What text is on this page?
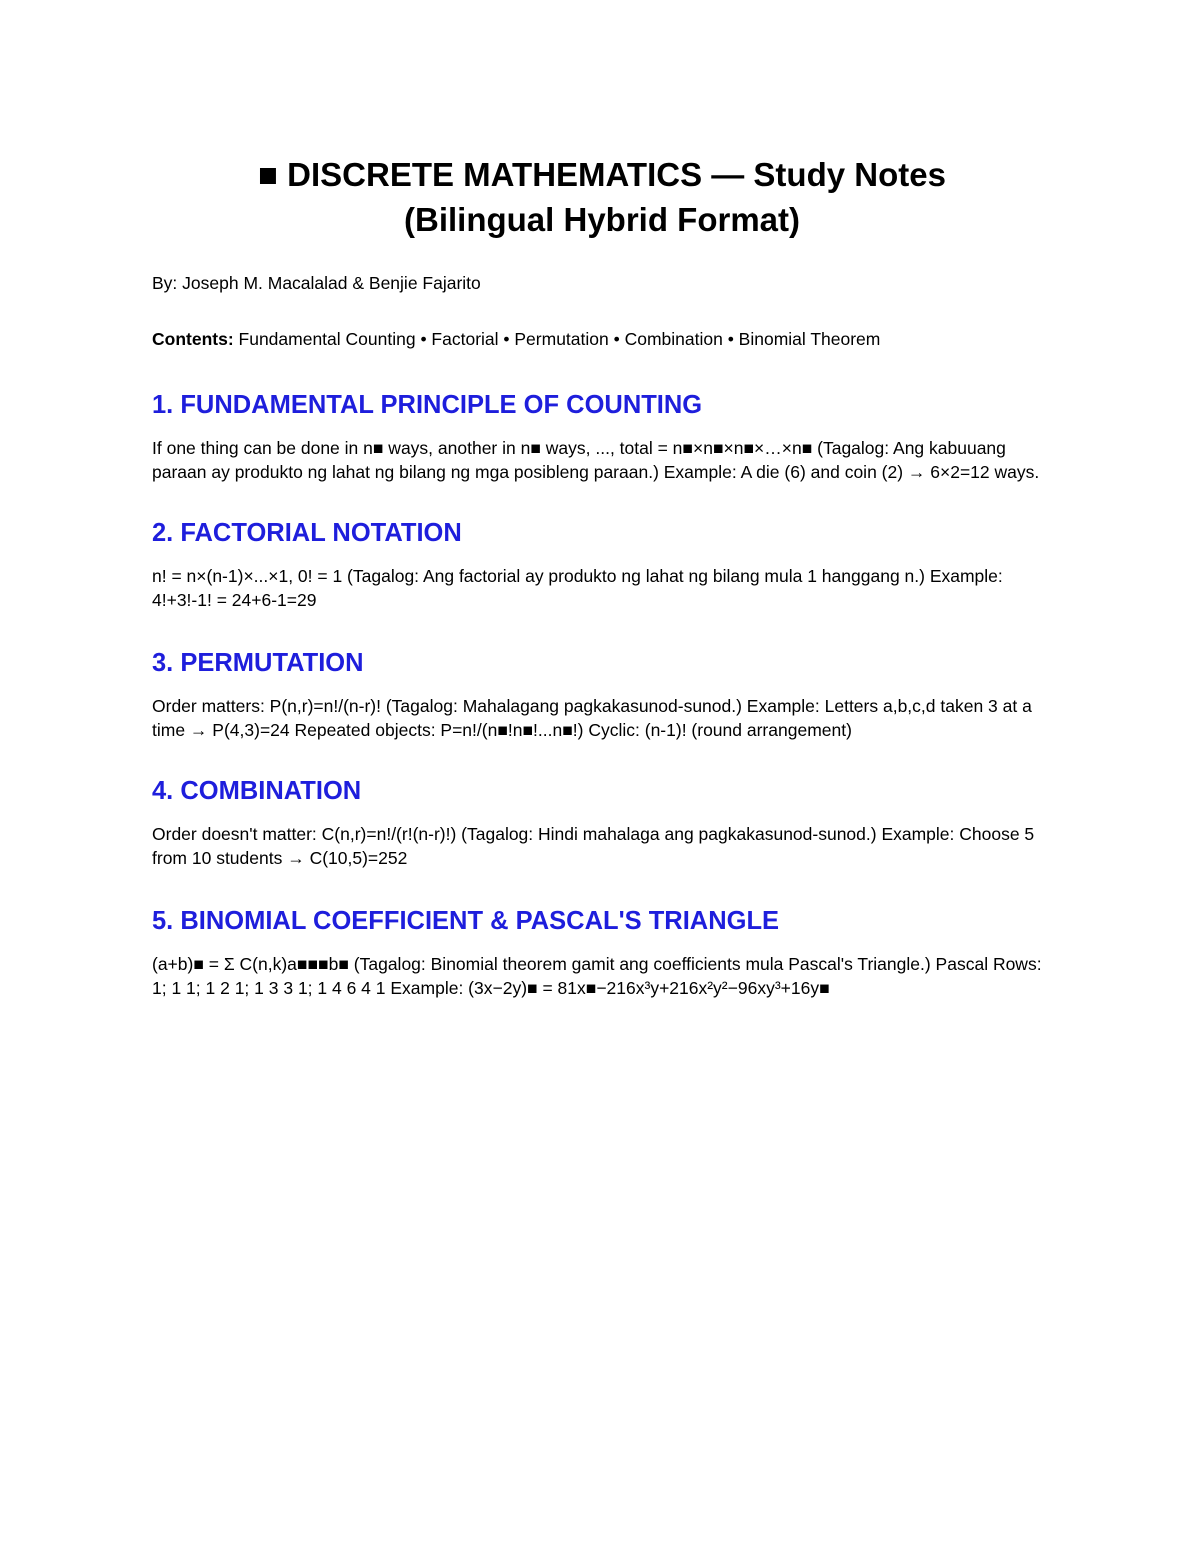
■ DISCRETE MATHEMATICS — Study Notes
(Bilingual Hybrid Format)
By: Joseph M. Macalalad & Benjie Fajarito
Contents: Fundamental Counting • Factorial • Permutation • Combination • Binomial Theorem
1. FUNDAMENTAL PRINCIPLE OF COUNTING

If one thing can be done in n■ ways, another in n■ ways, ..., total = n■×n■×n■×…×n■ (Tagalog: Ang kabuuang paraan ay produkto ng lahat ng bilang ng mga posibleng paraan.) Example: A die (6) and coin (2) → 6×2=12 ways.

2. FACTORIAL NOTATION

n! = n×(n-1)×...×1, 0! = 1 (Tagalog: Ang factorial ay produkto ng lahat ng bilang mula 1 hanggang n.) Example: 4!+3!-1! = 24+6-1=29

3. PERMUTATION

Order matters: P(n,r)=n!/(n-r)! (Tagalog: Mahalagang pagkakasunod-sunod.) Example: Letters a,b,c,d taken 3 at a time → P(4,3)=24 Repeated objects: P=n!/(n■!n■!...n■!) Cyclic: (n-1)! (round arrangement)

4. COMBINATION

Order doesn't matter: C(n,r)=n!/(r!(n-r)!) (Tagalog: Hindi mahalaga ang pagkakasunod-sunod.) Example: Choose 5 from 10 students → C(10,5)=252

5. BINOMIAL COEFFICIENT & PASCAL'S TRIANGLE

(a+b)■ = Σ C(n,k)a■■■b■ (Tagalog: Binomial theorem gamit ang coefficients mula Pascal's Triangle.) Pascal Rows: 1; 1 1; 1 2 1; 1 3 3 1; 1 4 6 4 1 Example: (3x−2y)■ = 81x■−216x³y+216x²y²−96xy³+16y■
